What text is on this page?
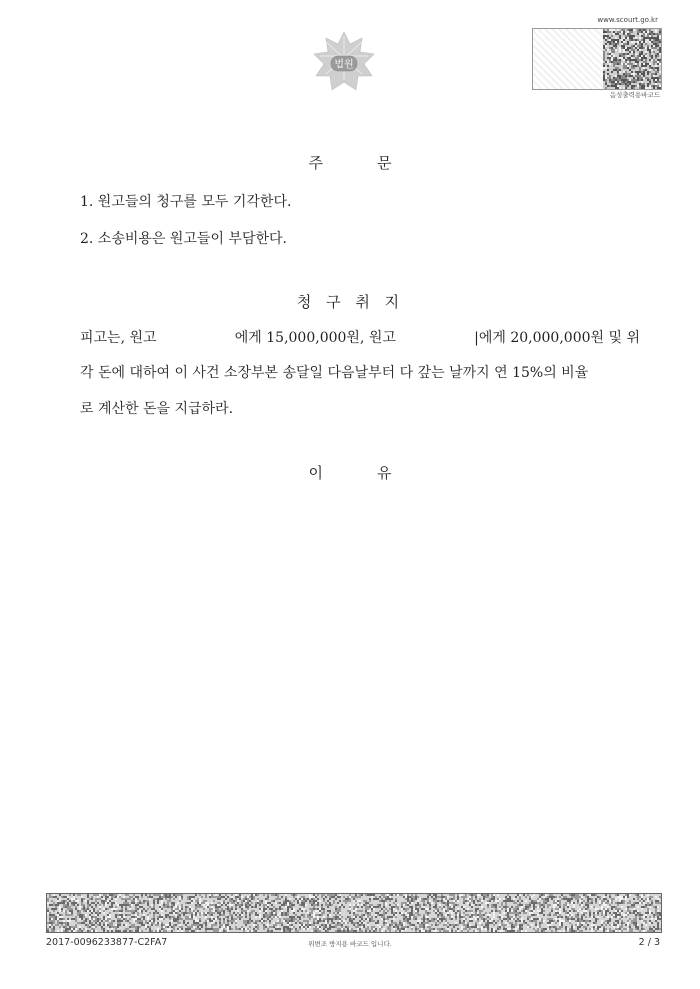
법원
www.scourt.go.kr
음성출력용바코드
주	문
1. 원고들의 청구를 모두 기각한다.
2. 소송비용은 원고들이 부담한다.
청 구 취 지
피고는, 원고	에게 15,000,000원, 원고	|에게 20,000,000원 및 위
각 돈에 대하여 이 사건 소장부본 송달일 다음날부터 다 갚는 날까지 연 15%의 비율
로 계산한 돈을 지급하라.
이	유
2017-0096233877-C2FA7	위변조 방지용 바코드 입니다.	2 / 3
